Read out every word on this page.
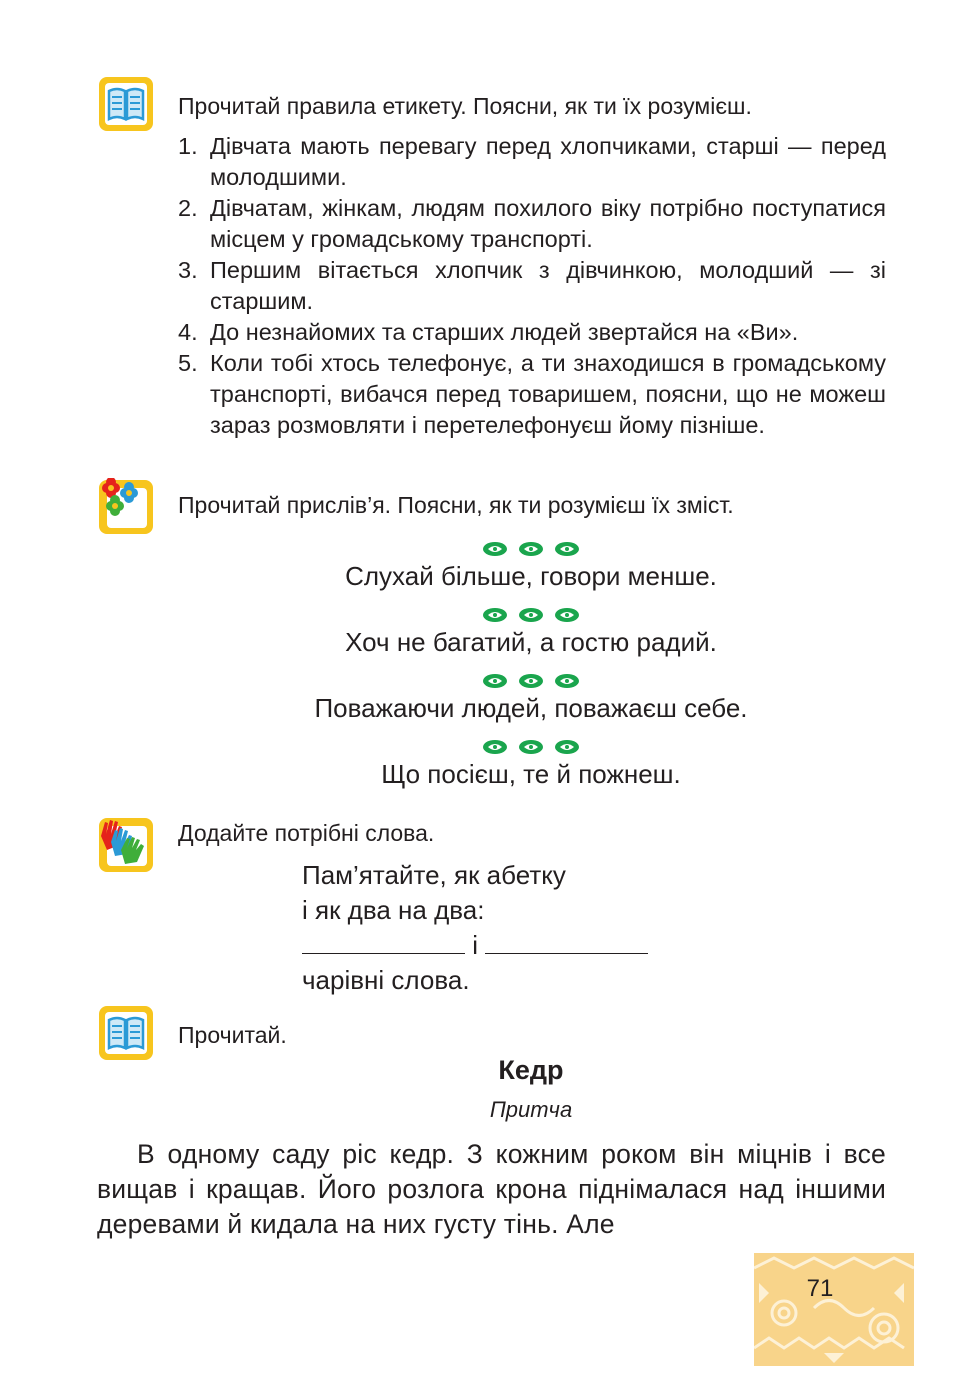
Прочитай правила етикету. Поясни, як ти їх розумієш.
1. Дівчата мають перевагу перед хлопчиками, старші — перед молодшими.
2. Дівчатам, жінкам, людям похилого віку потрібно поступатися місцем у громадському транспорті.
3. Першим вітається хлопчик з дівчинкою, молодший — зі старшим.
4. До незнайомих та старших людей звертайся на «Ви».
5. Коли тобі хтось телефонує, а ти знаходишся в громадському транспорті, вибачся перед товаришем, поясни, що не можеш зараз розмовляти і перетелефонуєш йому пізніше.
Прочитай прислів’я. Поясни, як ти розумієш їх зміст.
Слухай більше, говори менше.
Хоч не багатий, а гостю радий.
Поважаючи людей, поважаєш себе.
Що посієш, те й пожнеш.
Додайте потрібні слова.
Пам’ятайте, як абетку
і як два на два:
і
чарівні слова.
Прочитай.
Кедр
Притча
В одному саду ріс кедр. З кожним роком він міцнів і все вищав і кращав. Його розлога крона піднімалася над іншими деревами й кидала на них густу тінь. Але
71
